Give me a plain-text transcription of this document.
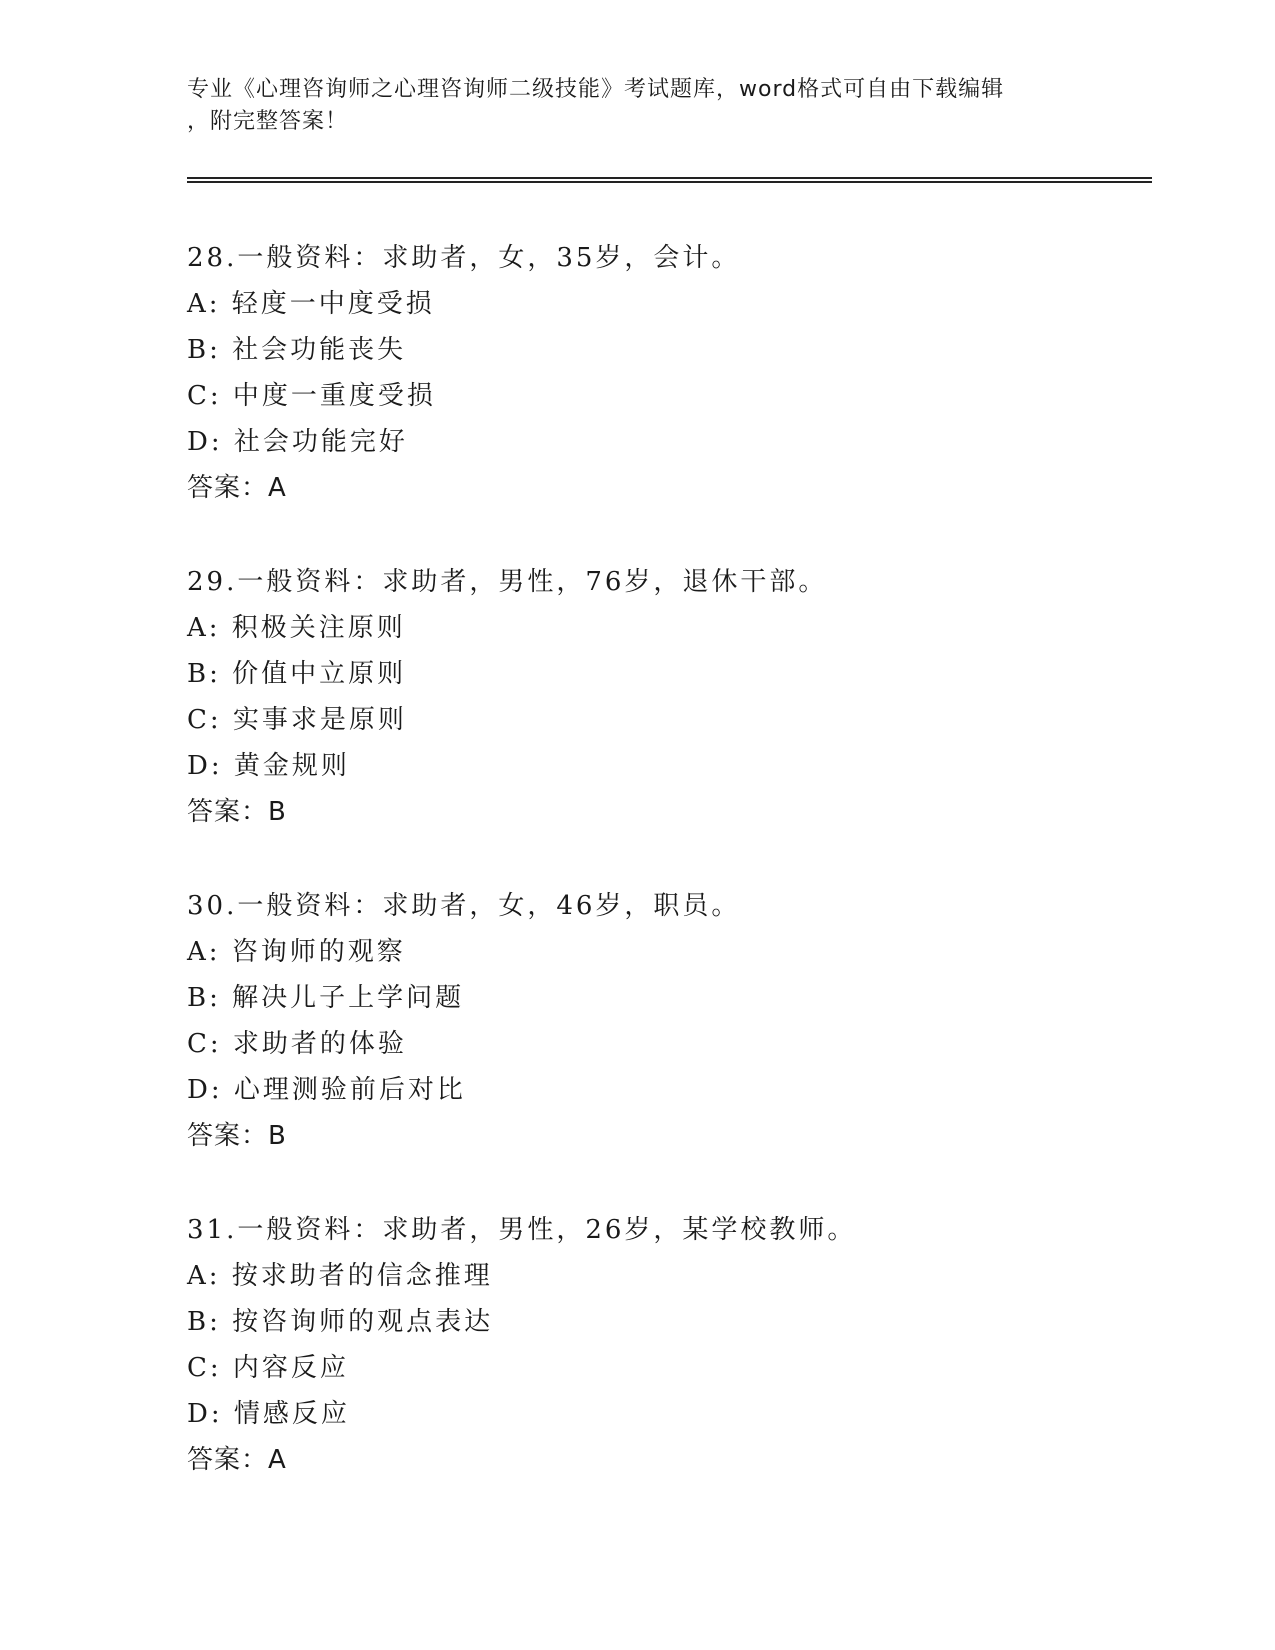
专业《心理咨询师之心理咨询师二级技能》考试题库，word格式可自由下载编辑
，附完整答案！
28.一般资料：求助者，女，35岁，会计。
A: 轻度一中度受损
B: 社会功能丧失
C: 中度一重度受损
D: 社会功能完好
答案：A
29.一般资料：求助者，男性，76岁，退休干部。
A: 积极关注原则
B: 价值中立原则
C: 实事求是原则
D: 黄金规则
答案：B
30.一般资料：求助者，女，46岁，职员。
A: 咨询师的观察
B: 解决儿子上学问题
C: 求助者的体验
D: 心理测验前后对比
答案：B
31.一般资料：求助者，男性，26岁，某学校教师。
A: 按求助者的信念推理
B: 按咨询师的观点表达
C: 内容反应
D: 情感反应
答案：A
